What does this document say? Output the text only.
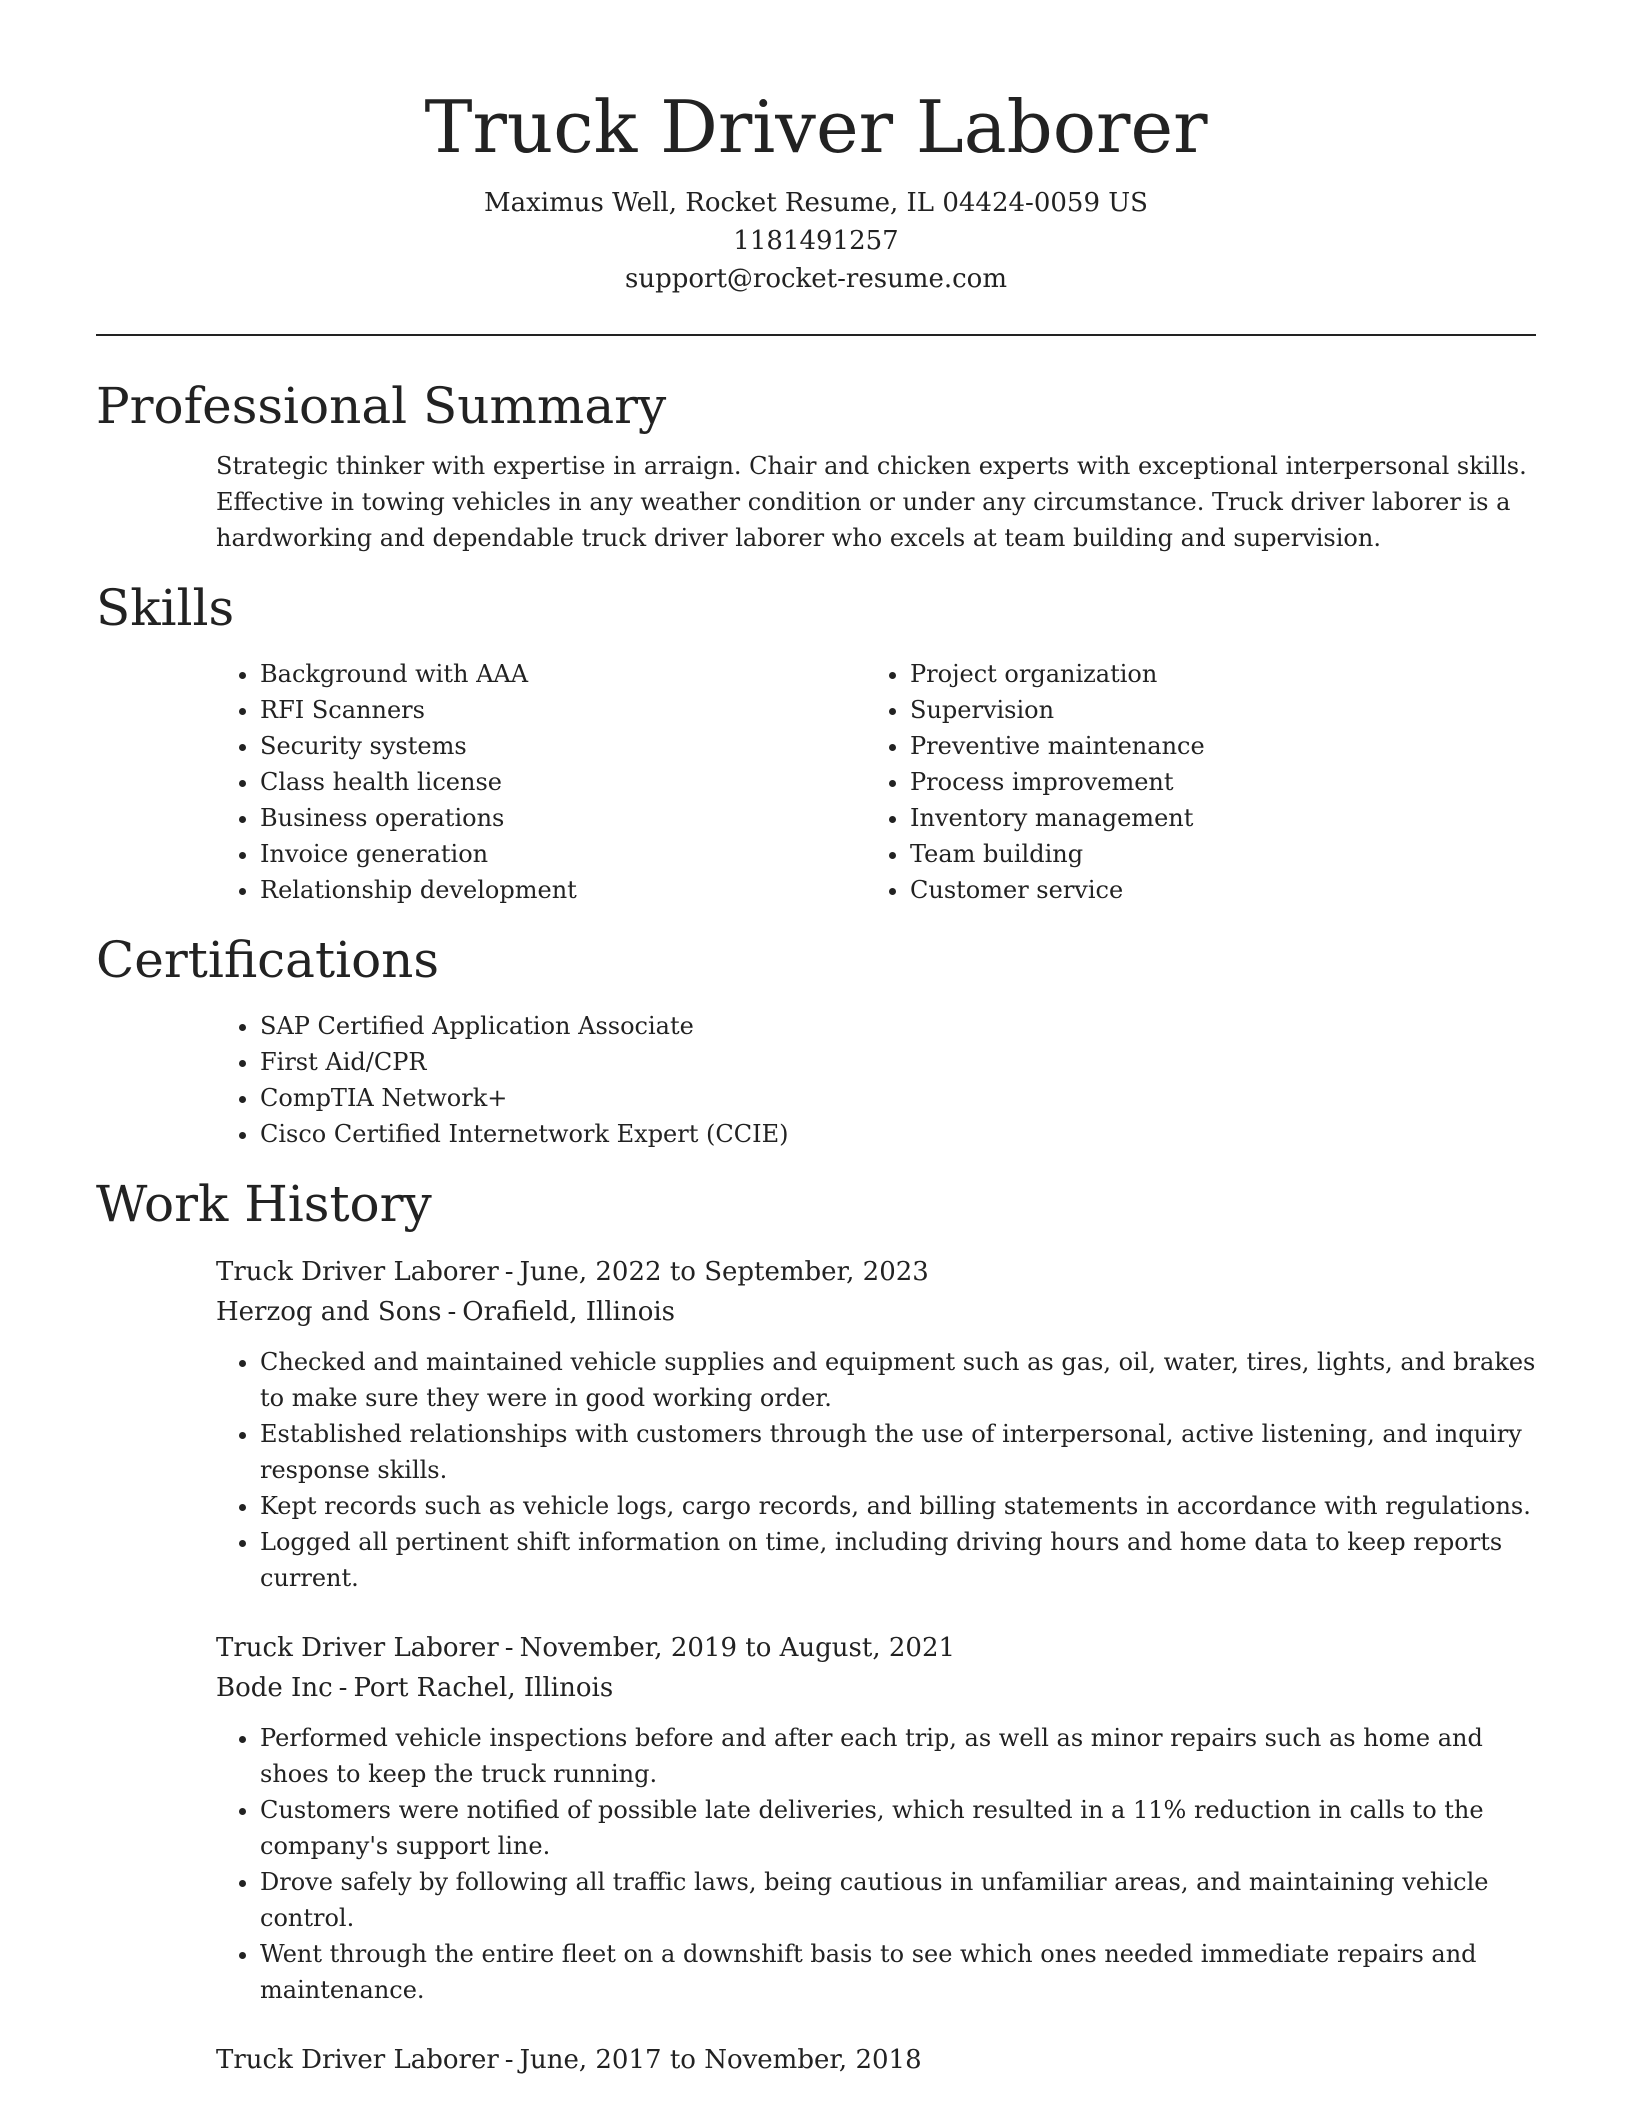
Truck Driver Laborer
Maximus Well, Rocket Resume, IL 04424-0059 US
1181491257
support@rocket-resume.com
Professional Summary

Strategic thinker with expertise in arraign. Chair and chicken experts with exceptional interpersonal skills. Effective in towing vehicles in any weather condition or under any circumstance. Truck driver laborer is a hardworking and dependable truck driver laborer who excels at team building and supervision.

Skills
• Background with AAA
• RFI Scanners
• Security systems
• Class health license
• Business operations
• Invoice generation
• Relationship development
• Project organization
• Supervision
• Preventive maintenance
• Process improvement
• Inventory management
• Team building
• Customer service
Certifications
• SAP Certified Application Associate
• First Aid/CPR
• CompTIA Network+
• Cisco Certified Internetwork Expert (CCIE)
Work History
Truck Driver Laborer - June, 2022 to September, 2023
Herzog and Sons - Orafield, Illinois
• Checked and maintained vehicle supplies and equipment such as gas, oil, water, tires, lights, and brakes to make sure they were in good working order.
• Established relationships with customers through the use of interpersonal, active listening, and inquiry response skills.
• Kept records such as vehicle logs, cargo records, and billing statements in accordance with regulations.
• Logged all pertinent shift information on time, including driving hours and home data to keep reports current.
Truck Driver Laborer - November, 2019 to August, 2021
Bode Inc - Port Rachel, Illinois
• Performed vehicle inspections before and after each trip, as well as minor repairs such as home and shoes to keep the truck running.
• Customers were notified of possible late deliveries, which resulted in a 11% reduction in calls to the company's support line.
• Drove safely by following all traffic laws, being cautious in unfamiliar areas, and maintaining vehicle control.
• Went through the entire fleet on a downshift basis to see which ones needed immediate repairs and maintenance.
Truck Driver Laborer - June, 2017 to November, 2018
